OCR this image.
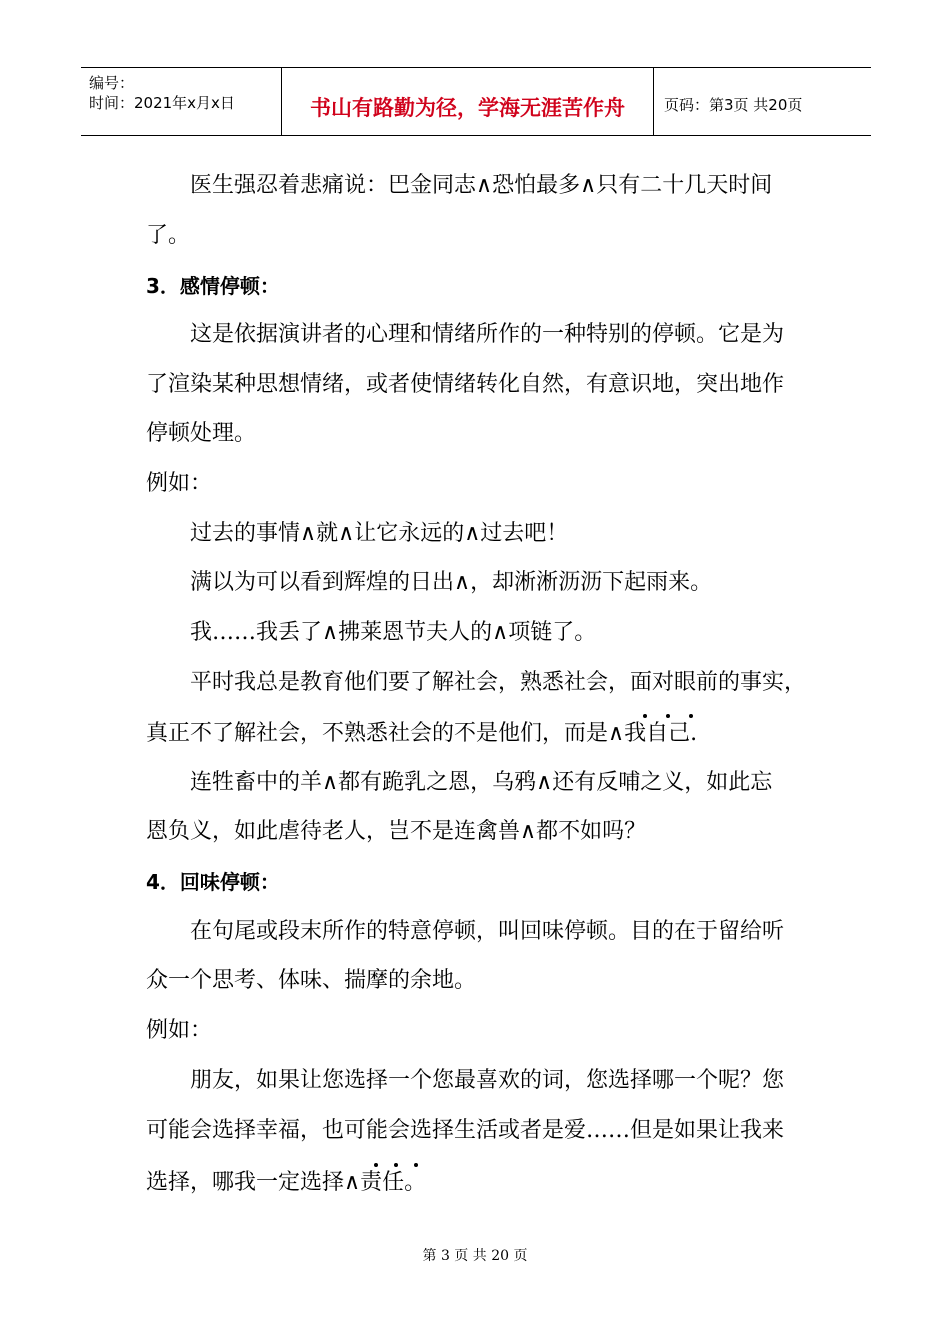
编号：
时间：2021年x月x日	书山有路勤为径，学海无涯苦作舟	页码：第3页 共20页
医生强忍着悲痛说：巴金同志∧恐怕最多∧只有二十几天时间
了。
3．感情停顿：
这是依据演讲者的心理和情绪所作的一种特别的停顿。它是为
了渲染某种思想情绪，或者使情绪转化自然，有意识地，突出地作
停顿处理。
例如：
过去的事情∧就∧让它永远的∧过去吧！
满以为可以看到辉煌的日出∧，却淅淅沥沥下起雨来。
我……我丢了∧拂莱恩节夫人的∧项链了。
平时我总是教育他们要了解社会，熟悉社会，面对眼前的事实，
真正不了解社会，不熟悉社会的不是他们，而是∧我自己.
连牲畜中的羊∧都有跪乳之恩，乌鸦∧还有反哺之义，如此忘
恩负义，如此虐待老人，岂不是连禽兽∧都不如吗？
4．回味停顿：
在句尾或段末所作的特意停顿，叫回味停顿。目的在于留给听
众一个思考、体味、揣摩的余地。
例如：
朋友，如果让您选择一个您最喜欢的词，您选择哪一个呢？您
可能会选择幸福，也可能会选择生活或者是爱……但是如果让我来
选择，哪我一定选择∧责任。
第 3 页 共 20 页
